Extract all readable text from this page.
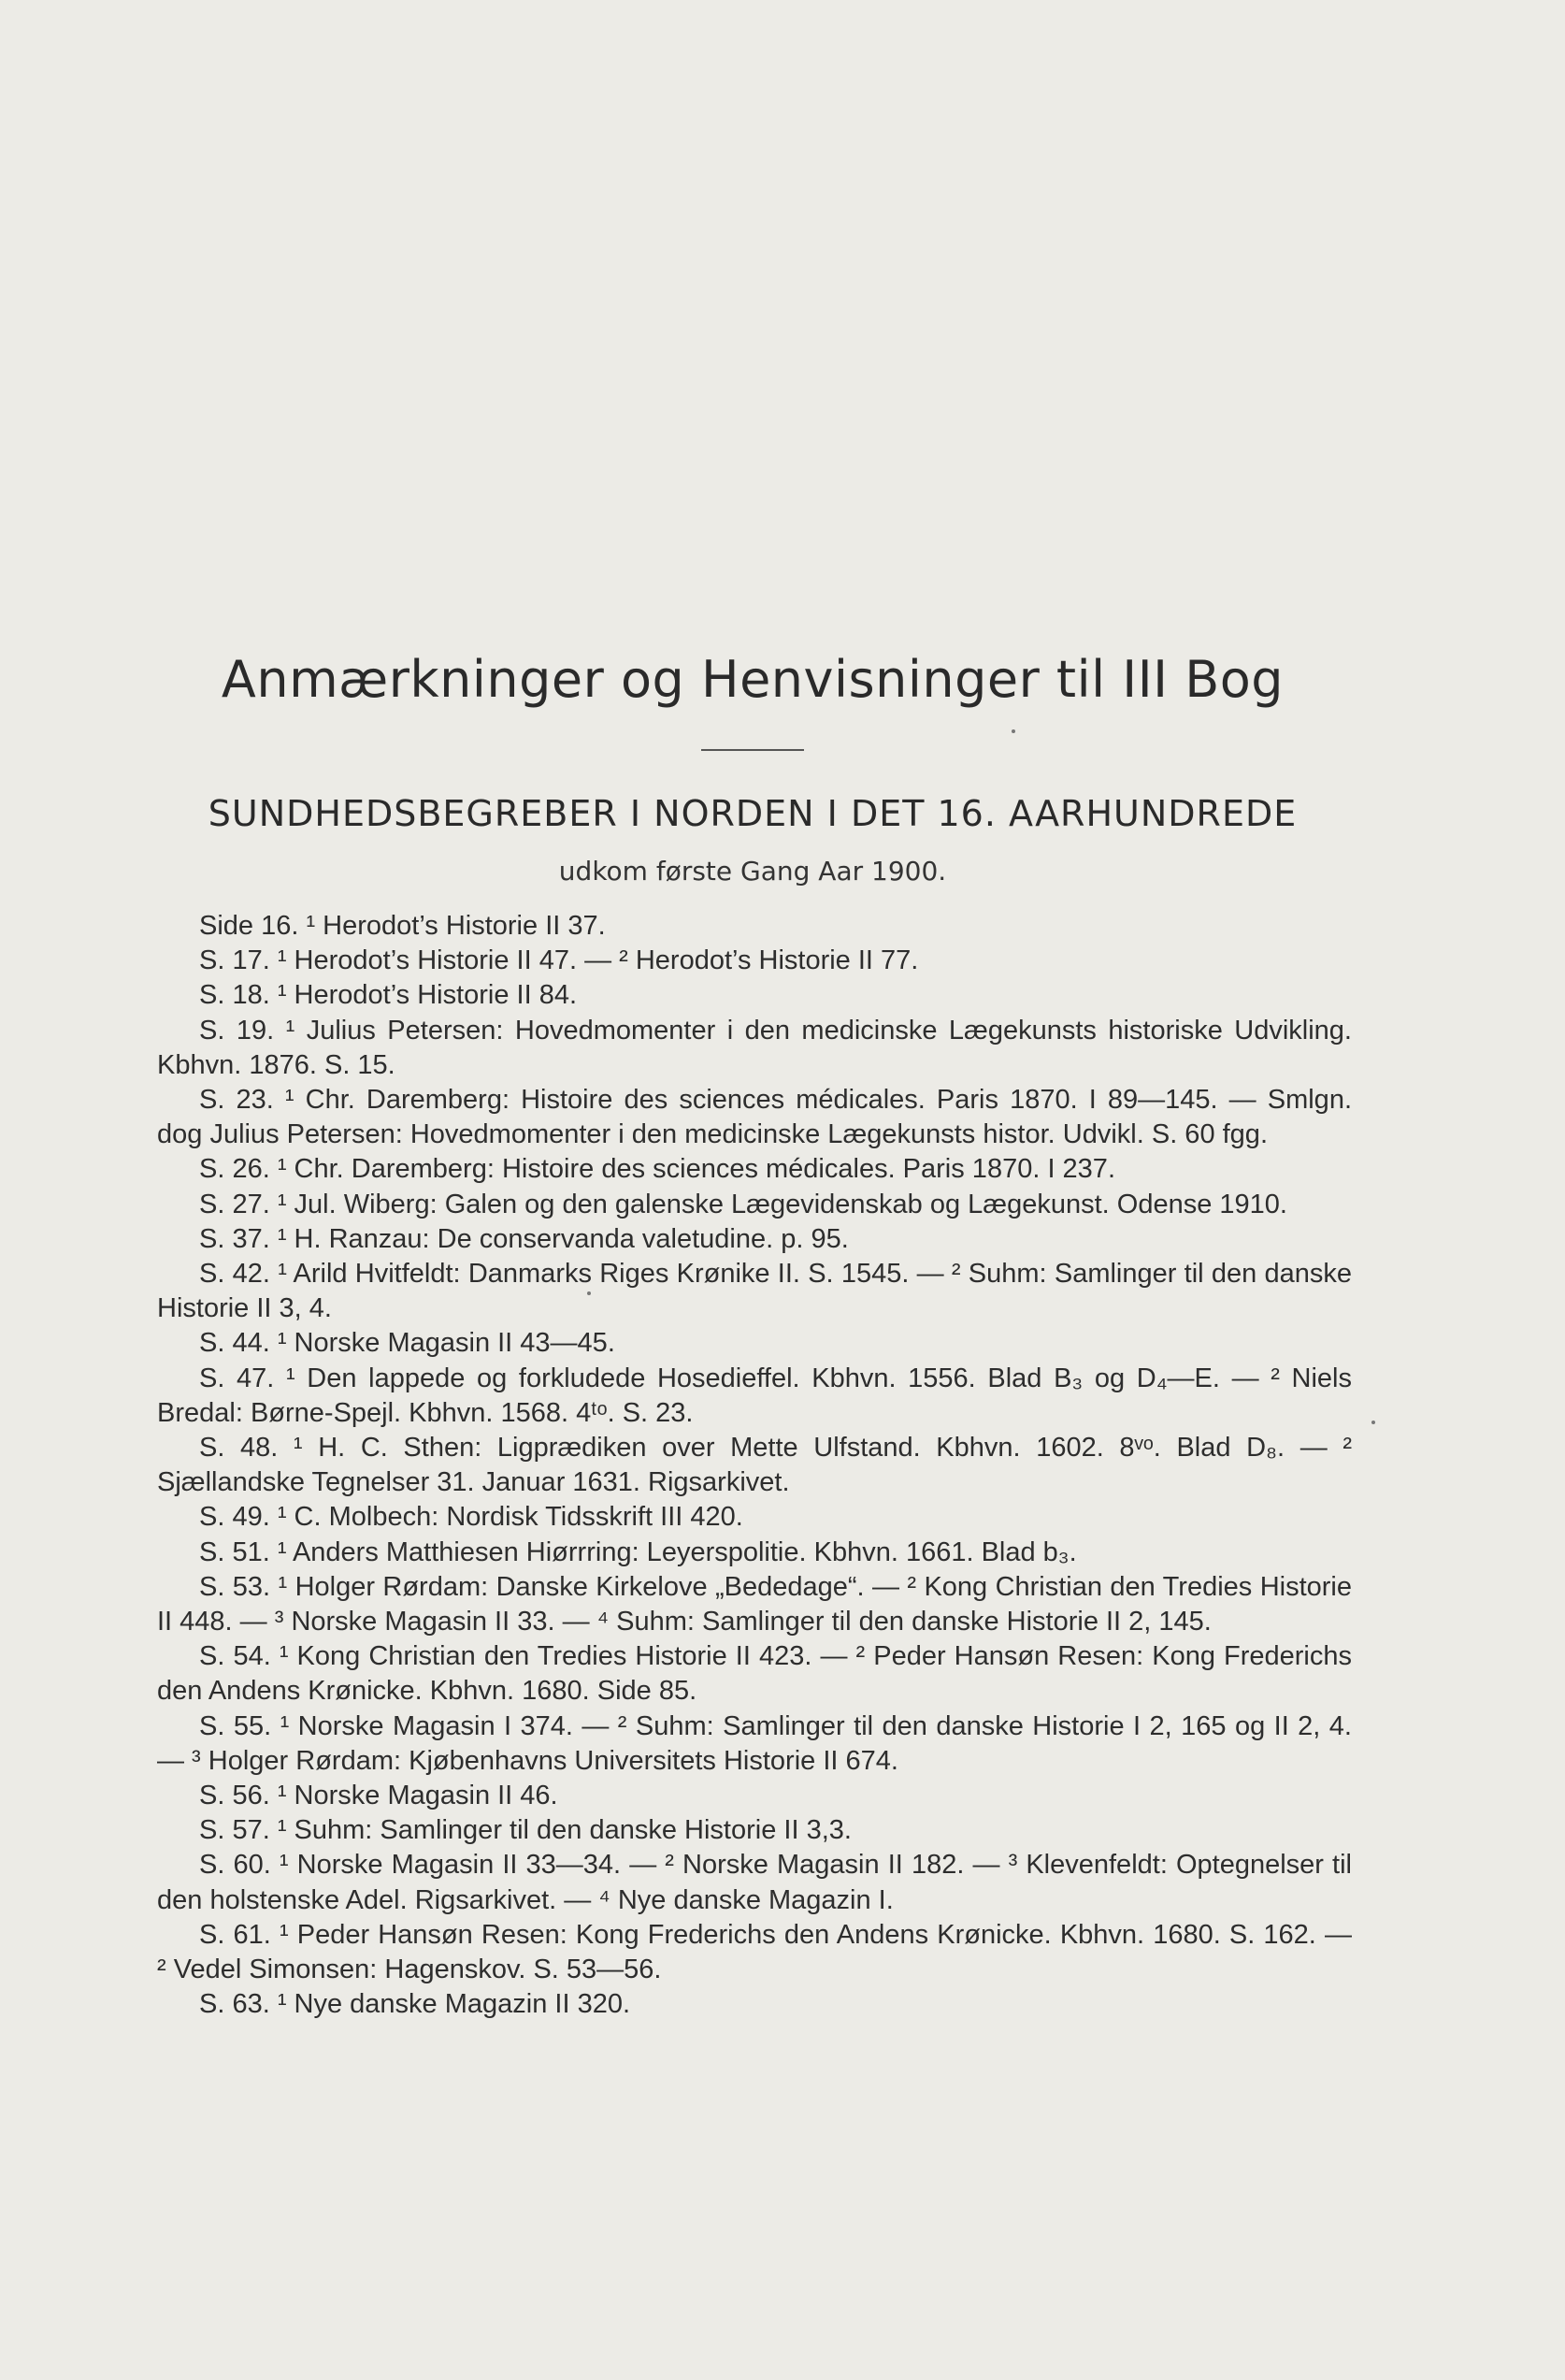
Anmærkninger og Henvisninger til III Bog
SUNDHEDSBEGREBER I NORDEN I DET 16. AARHUNDREDE
udkom første Gang Aar 1900.

Side 16. ¹ Herodot’s Historie II 37.

S. 17. ¹ Herodot’s Historie II 47. — ² Herodot’s Historie II 77.

S. 18. ¹ Herodot’s Historie II 84.

S. 19. ¹ Julius Petersen: Hovedmomenter i den medicinske Lægekunsts historiske Udvikling. Kbhvn. 1876. S. 15.

S. 23. ¹ Chr. Daremberg: Histoire des sciences médicales. Paris 1870. I 89—145. — Smlgn. dog Julius Petersen: Hovedmomenter i den medicinske Lægekunsts histor. Udvikl. S. 60 fgg.

S. 26. ¹ Chr. Daremberg: Histoire des sciences médicales. Paris 1870. I 237.

S. 27. ¹ Jul. Wiberg: Galen og den galenske Lægevidenskab og Lægekunst. Odense 1910.

S. 37. ¹ H. Ranzau: De conservanda valetudine. p. 95.

S. 42. ¹ Arild Hvitfeldt: Danmarks Riges Krønike II. S. 1545. — ² Suhm: Samlinger til den danske Historie II 3, 4.

S. 44. ¹ Norske Magasin II 43—45.

S. 47. ¹ Den lappede og forkludede Hosedieffel. Kbhvn. 1556. Blad B₃ og D₄—E. — ² Niels Bredal: Børne-Spejl. Kbhvn. 1568. 4ᵗᵒ. S. 23.

S. 48. ¹ H. C. Sthen: Ligprædiken over Mette Ulfstand. Kbhvn. 1602. 8ᵛᵒ. Blad D₈. — ² Sjællandske Tegnelser 31. Januar 1631. Rigsarkivet.

S. 49. ¹ C. Molbech: Nordisk Tidsskrift III 420.

S. 51. ¹ Anders Matthiesen Hiørrring: Leyerspolitie. Kbhvn. 1661. Blad b₃.

S. 53. ¹ Holger Rørdam: Danske Kirkelove „Bededage“. — ² Kong Christian den Tredies Historie II 448. — ³ Norske Magasin II 33. — ⁴ Suhm: Samlinger til den danske Historie II 2, 145.

S. 54. ¹ Kong Christian den Tredies Historie II 423. — ² Peder Hansøn Resen: Kong Frederichs den Andens Krønicke. Kbhvn. 1680. Side 85.

S. 55. ¹ Norske Magasin I 374. — ² Suhm: Samlinger til den danske Historie I 2, 165 og II 2, 4. — ³ Holger Rørdam: Kjøbenhavns Universitets Historie II 674.

S. 56. ¹ Norske Magasin II 46.

S. 57. ¹ Suhm: Samlinger til den danske Historie II 3,3.

S. 60. ¹ Norske Magasin II 33—34. — ² Norske Magasin II 182. — ³ Klevenfeldt: Optegnelser til den holstenske Adel. Rigsarkivet. — ⁴ Nye danske Magazin I.

S. 61. ¹ Peder Hansøn Resen: Kong Frederichs den Andens Krønicke. Kbhvn. 1680. S. 162. — ² Vedel Simonsen: Hagenskov. S. 53—56.

S. 63. ¹ Nye danske Magazin II 320.
